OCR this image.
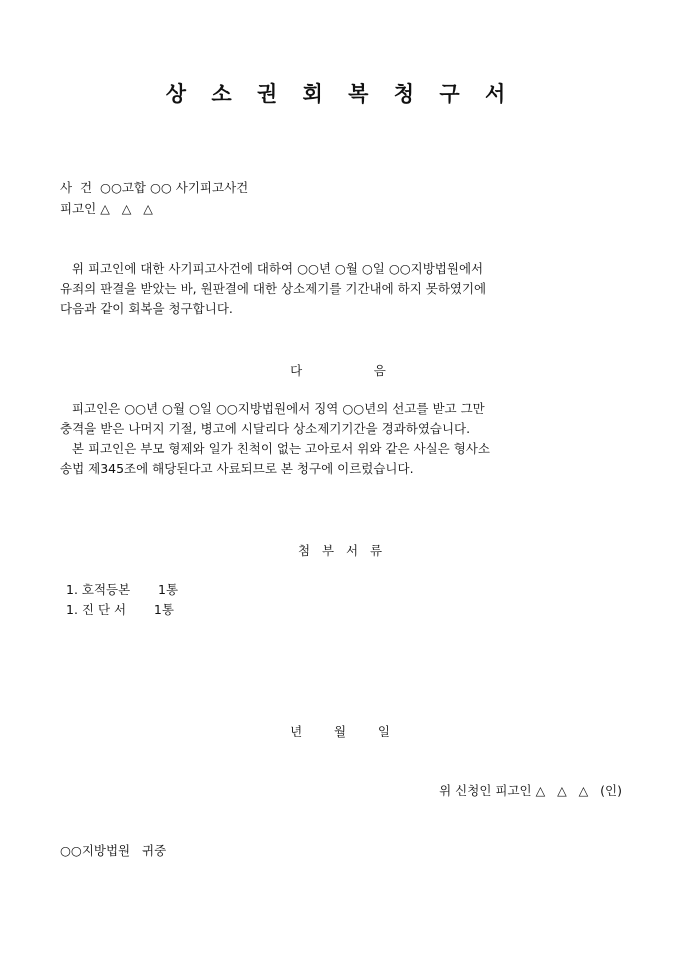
상 소 권 회 복 청 구 서
사  건  ○○고합 ○○ 사기피고사건
피고인 △   △   △
위 피고인에 대한 사기피고사건에 대하여 ○○년 ○월 ○일 ○○지방법원에서
유죄의 판결을 받았는 바, 원판결에 대한 상소제기를 기간내에 하지 못하였기에
다음과 같이 회복을 청구합니다.
다                  음
피고인은 ○○년 ○월 ○일 ○○지방법원에서 징역 ○○년의 선고를 받고 그만
충격을 받은 나머지 기절, 병고에 시달리다 상소제기기간을 경과하였습니다.
본 피고인은 부모 형제와 일가 친척이 없는 고아로서 위와 같은 사실은 형사소
송법 제345조에 해당된다고 사료되므로 본 청구에 이르렀습니다.
첨   부   서   류
1. 호적등본       1통
1. 진 단 서       1통
년        월        일
위 신청인 피고인 △   △   △   (인)
○○지방법원   귀중
